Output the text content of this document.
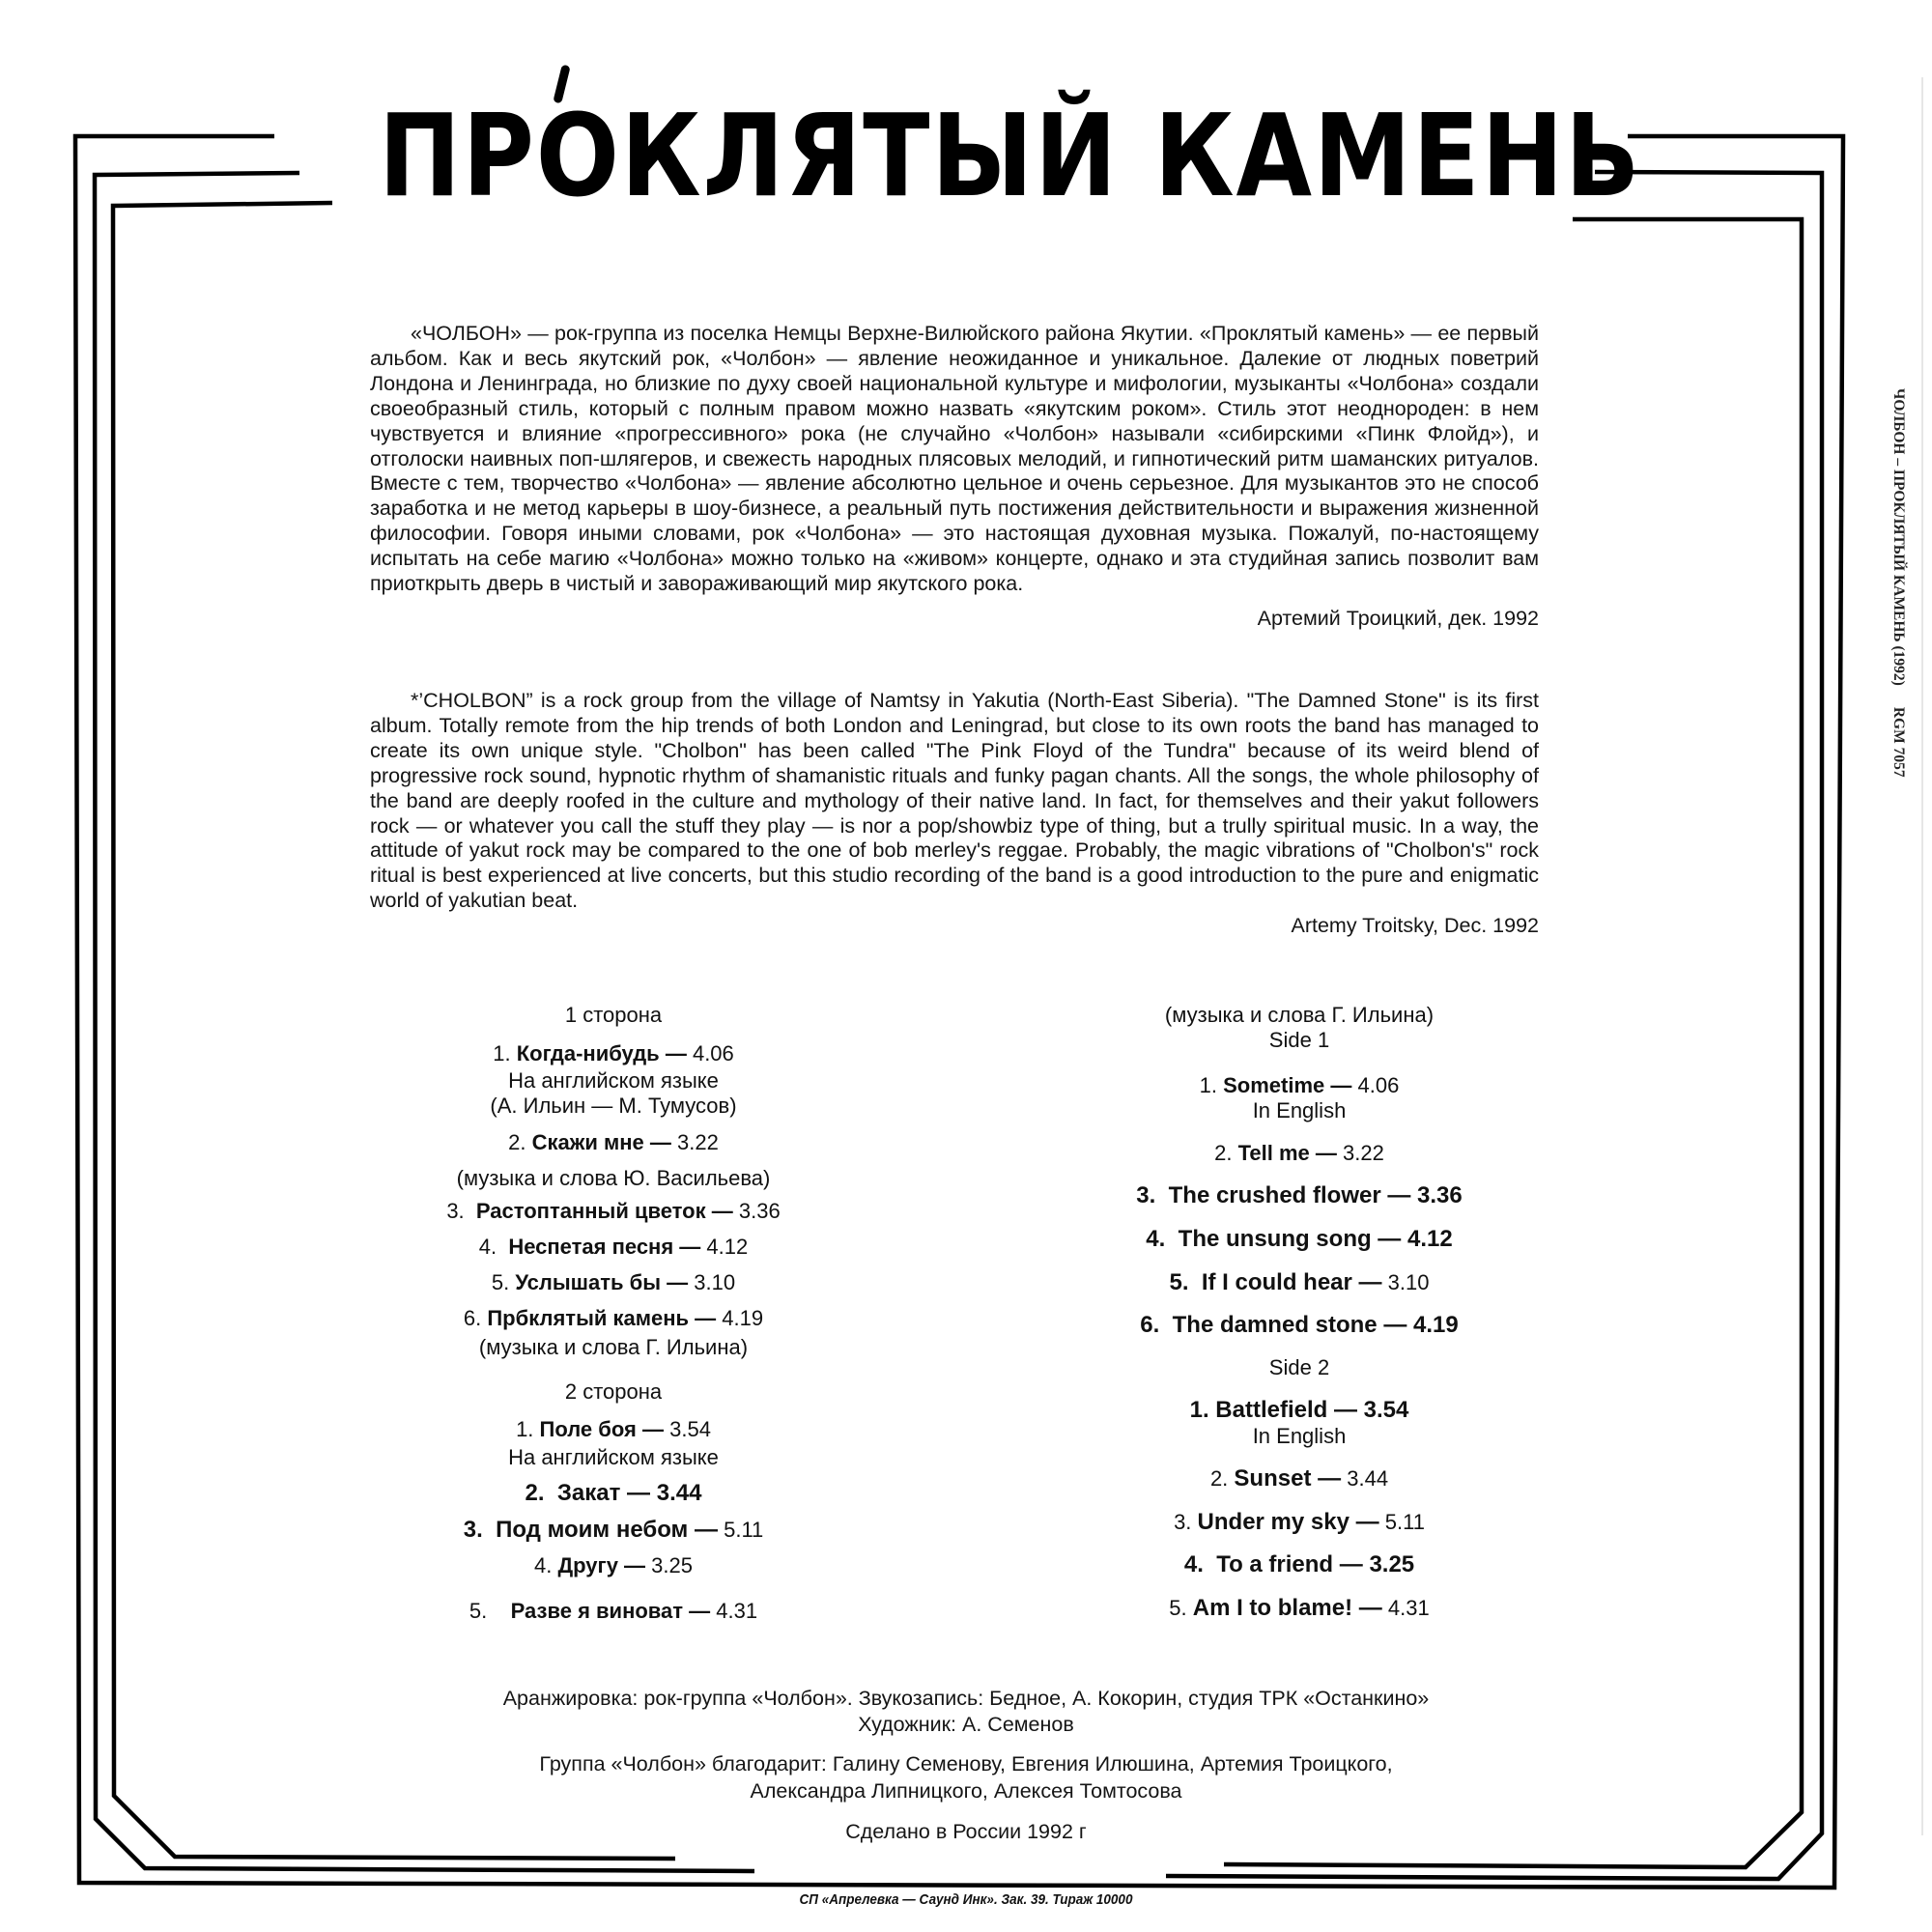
ПРОКЛЯТЫЙ КАМЕНЬ
ЧОЛБОН – ПРОКЛЯТЫЙ КАМЕНЬ (1992)RGM 7057

«ЧОЛБОН» — рок-группа из поселка Немцы Верхне-Вилюйского района Якутии. «Проклятый камень» — ее первый альбом. Как и весь якутский рок, «Чолбон» — явление неожиданное и уникальное. Далекие от людных поветрий Лондона и Ленинграда, но близкие по духу своей национальной культуре и мифологии, музыканты «Чолбона» создали своеобразный стиль, который с полным правом можно назвать «якутским роком». Стиль этот неоднороден: в нем чувствуется и влияние «прогрессивного» рока (не случайно «Чолбон» называли «сибирскими «Пинк Флойд»), и отголоски наивных поп-шлягеров, и свежесть народных плясовых мелодий, и гипнотический ритм шаманских ритуалов. Вместе с тем, творчество «Чолбона» — явление абсолютно цельное и очень серьезное. Для музыкантов это не способ заработка и не метод карьеры в шоу-бизнесе, а реальный путь постижения действительности и выражения жизненной философии. Говоря иными словами, рок «Чолбона» — это настоящая духовная музыка. Пожалуй, по-настоящему испытать на себе магию «Чолбона» можно только на «живом» концерте, однако и эта студийная запись позволит вам приоткрыть дверь в чистый и завораживающий мир якутского рока.

Артемий Троицкий, дек. 1992

*’CHOLBON” is a rock group from the village of Namtsy in Yakutia (North-East Siberia). "The Damned Stone" is its first album. Totally remote from the hip trends of both London and Leningrad, but close to its own roots the band has managed to create its own unique style. "Cholbon" has been called "The Pink Floyd of the Tundra" because of its weird blend of progressive rock sound, hypnotic rhythm of shamanistic rituals and funky pagan chants. All the songs, the whole philosophy of the band are deeply roofed in the culture and mythology of their native land. In fact, for themselves and their yakut followers rock — or whatever you call the stuff they play — is nor a pop/showbiz type of thing, but a trully spiritual music. In a way, the attitude of yakut rock may be compared to the one of bob merley's reggae. Probably, the magic vibrations of "Cholbon's" rock ritual is best experienced at live concerts, but this studio recording of the band is a good introduction to the pure and enigmatic world of yakutian beat.

Artemy Troitsky, Dec. 1992
1 сторона
1. Когда-нибудь — 4.06
На английском языке
(А. Ильин — М. Тумусов)
2. Скажи мне — 3.22
(музыка и слова Ю. Васильева)
3. Растоптанный цветок — 3.36
4. Неспетая песня — 4.12
5. Услышать бы — 3.10
6. Прбклятый камень — 4.19
(музыка и слова Г. Ильина)
2 сторона
1. Поле боя — 3.54
На английском языке
2. Закат — 3.44
3. Под моим небом — 5.11
4. Другу — 3.25
5. Разве я виноват — 4.31
(музыка и слова Г. Ильина)
Side 1
1. Sometime — 4.06
In English
2. Tell me — 3.22
3. The crushed flower — 3.36
4. The unsung song — 4.12
5. If I could hear — 3.10
6. The damned stone — 4.19
Side 2
1. Battlefield — 3.54
In English
2. Sunset — 3.44
3. Under my sky — 5.11
4. To a friend — 3.25
5. Am I to blame! — 4.31
Аранжировка: рок-группа «Чолбон». Звукозапись: Бедное, А. Кокорин, студия ТРК «Останкино»
Художник: А. Семенов
Группа «Чолбон» благодарит: Галину Семенову, Евгения Илюшина, Артемия Троицкого,
Александра Липницкого, Алексея Томтосова
Сделано в России 1992 г
СП «Апрелевка — Саунд Инк». Зак. 39. Тираж 10000
